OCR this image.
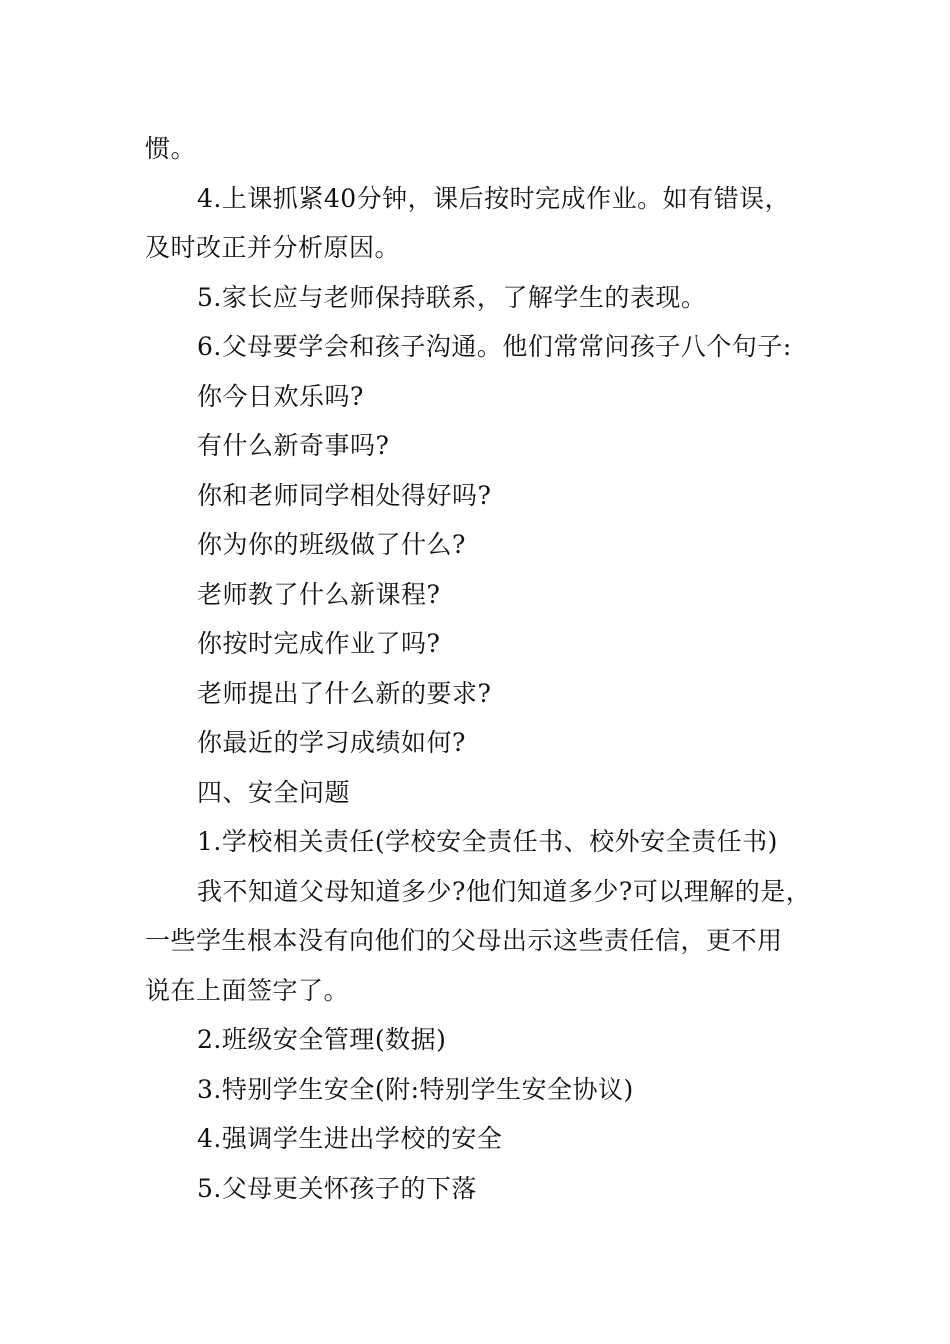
惯。
4.上课抓紧40分钟，课后按时完成作业。如有错误，
及时改正并分析原因。
5.家长应与老师保持联系，了解学生的表现。
6.父母要学会和孩子沟通。他们常常问孩子八个句子:
你今日欢乐吗?
有什么新奇事吗?
你和老师同学相处得好吗?
你为你的班级做了什么?
老师教了什么新课程?
你按时完成作业了吗?
老师提出了什么新的要求?
你最近的学习成绩如何?
四、安全问题
1.学校相关责任(学校安全责任书、校外安全责任书)
我不知道父母知道多少?他们知道多少?可以理解的是，
一些学生根本没有向他们的父母出示这些责任信，更不用
说在上面签字了。
2.班级安全管理(数据)
3.特别学生安全(附:特别学生安全协议)
4.强调学生进出学校的安全
5.父母更关怀孩子的下落
